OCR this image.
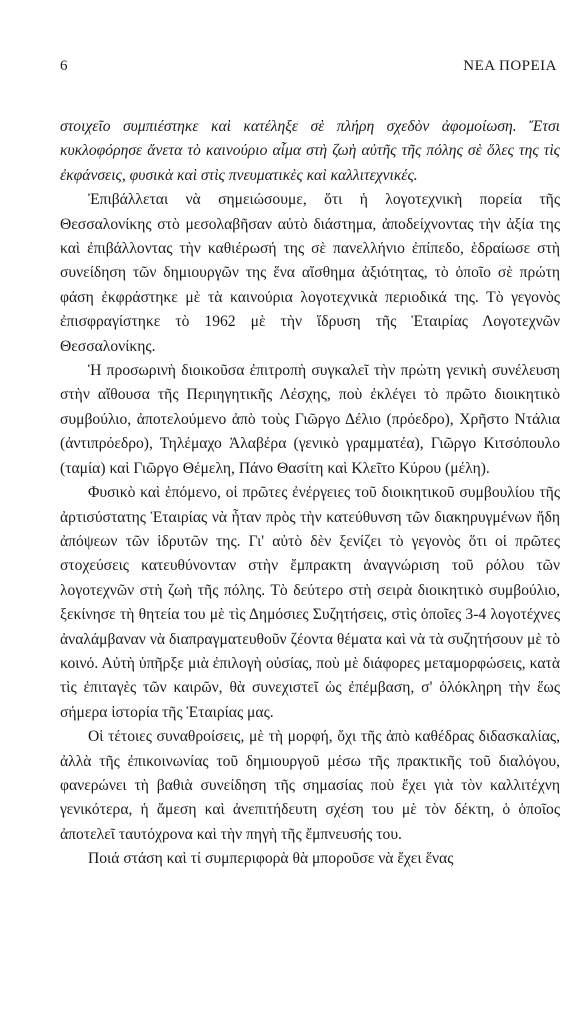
6	ΝΕΑ ΠΟΡΕΙΑ

στοιχεῖο συμπιέστηκε καὶ κατέληξε σὲ πλήρη σχεδὸν ἀφομοίωση. Ἔτσι κυκλοφόρησε ἄνετα τὸ καινούριο αἷμα στὴ ζωὴ αὐτῆς τῆς πόλης σὲ ὅλες της τὶς ἐκφάνσεις, φυσικὰ καὶ στὶς πνευματικὲς καὶ καλλιτεχνικές.

Ἐπιβάλλεται νὰ σημειώσουμε, ὅτι ἡ λογοτεχνικὴ πορεία τῆς Θεσσαλονίκης στὸ μεσολαβῆσαν αὐτὸ διάστημα, ἀποδείχνοντας τὴν ἀξία της καὶ ἐπιβάλλοντας τὴν καθιέρωσή της σὲ πανελλήνιο ἐπίπεδο, ἑδραίωσε στὴ συνείδηση τῶν δημιουργῶν της ἕνα αἴσθημα ἀξιότητας, τὸ ὁποῖο σὲ πρώτη φάση ἐκφράστηκε μὲ τὰ καινούρια λογοτεχνικὰ περιοδικά της. Τὸ γεγονὸς ἐπισφραγίστηκε τὸ 1962 μὲ τὴν ἵδρυση τῆς Ἑταιρίας Λογοτεχνῶν Θεσσαλονίκης.

Ἡ προσωρινὴ διοικοῦσα ἐπιτροπὴ συγκαλεῖ τὴν πρώτη γενικὴ συνέλευση στὴν αἴθουσα τῆς Περιηγητικῆς Λέσχης, ποὺ ἐκλέγει τὸ πρῶτο διοικητικὸ συμβούλιο, ἀποτελούμενο ἀπὸ τοὺς Γιῶργο Δέλιο (πρόεδρο), Χρῆστο Ντάλια (ἀντιπρόεδρο), Τηλέμαχο Ἀλαβέρα (γενικὸ γραμματέα), Γιῶργο Κιτσόπουλο (ταμία) καὶ Γιῶργο Θέμελη, Πάνο Θασίτη καὶ Κλεῖτο Κύρου (μέλη).

Φυσικὸ καὶ ἑπόμενο, οἱ πρῶτες ἐνέργειες τοῦ διοικητικοῦ συμβουλίου τῆς ἀρτισύστατης Ἑταιρίας νὰ ἦταν πρὸς τὴν κατεύθυνση τῶν διακηρυγμένων ἤδη ἀπόψεων τῶν ἱδρυτῶν της. Γι' αὐτὸ δὲν ξενίζει τὸ γεγονὸς ὅτι οἱ πρῶτες στοχεύσεις κατευθύνονταν στὴν ἔμπρακτη ἀναγνώριση τοῦ ρόλου τῶν λογοτεχνῶν στὴ ζωὴ τῆς πόλης. Τὸ δεύτερο στὴ σειρὰ διοικητικὸ συμβούλιο, ξεκίνησε τὴ θητεία του μὲ τὶς Δημόσιες Συζητήσεις, στὶς ὁποῖες 3-4 λογοτέχνες ἀναλάμβαναν νὰ διαπραγματευθοῦν ζέοντα θέματα καὶ νὰ τὰ συζητήσουν μὲ τὸ κοινό. Αὐτὴ ὑπῆρξε μιὰ ἐπιλογὴ οὐσίας, ποὺ μὲ διάφορες μεταμορφώσεις, κατὰ τὶς ἐπιταγὲς τῶν καιρῶν, θὰ συνεχιστεῖ ὡς ἐπέμβαση, σ' ὁλόκληρη τὴν ἕως σήμερα ἱστορία τῆς Ἑταιρίας μας.

Οἱ τέτοιες συναθροίσεις, μὲ τὴ μορφή, ὄχι τῆς ἀπὸ καθέδρας διδασκαλίας, ἀλλὰ τῆς ἐπικοινωνίας τοῦ δημιουργοῦ μέσω τῆς πρακτικῆς τοῦ διαλόγου, φανερώνει τὴ βαθιὰ συνείδηση τῆς σημασίας ποὺ ἔχει γιὰ τὸν καλλιτέχνη γενικότερα, ἡ ἄμεση καὶ ἀνεπιτήδευτη σχέση του μὲ τὸν δέκτη, ὁ ὁποῖος ἀποτελεῖ ταυτόχρονα καὶ τὴν πηγὴ τῆς ἔμπνευσής του.

Ποιά στάση καὶ τί συμπεριφορὰ θὰ μποροῦσε νὰ ἔχει ἕνας
